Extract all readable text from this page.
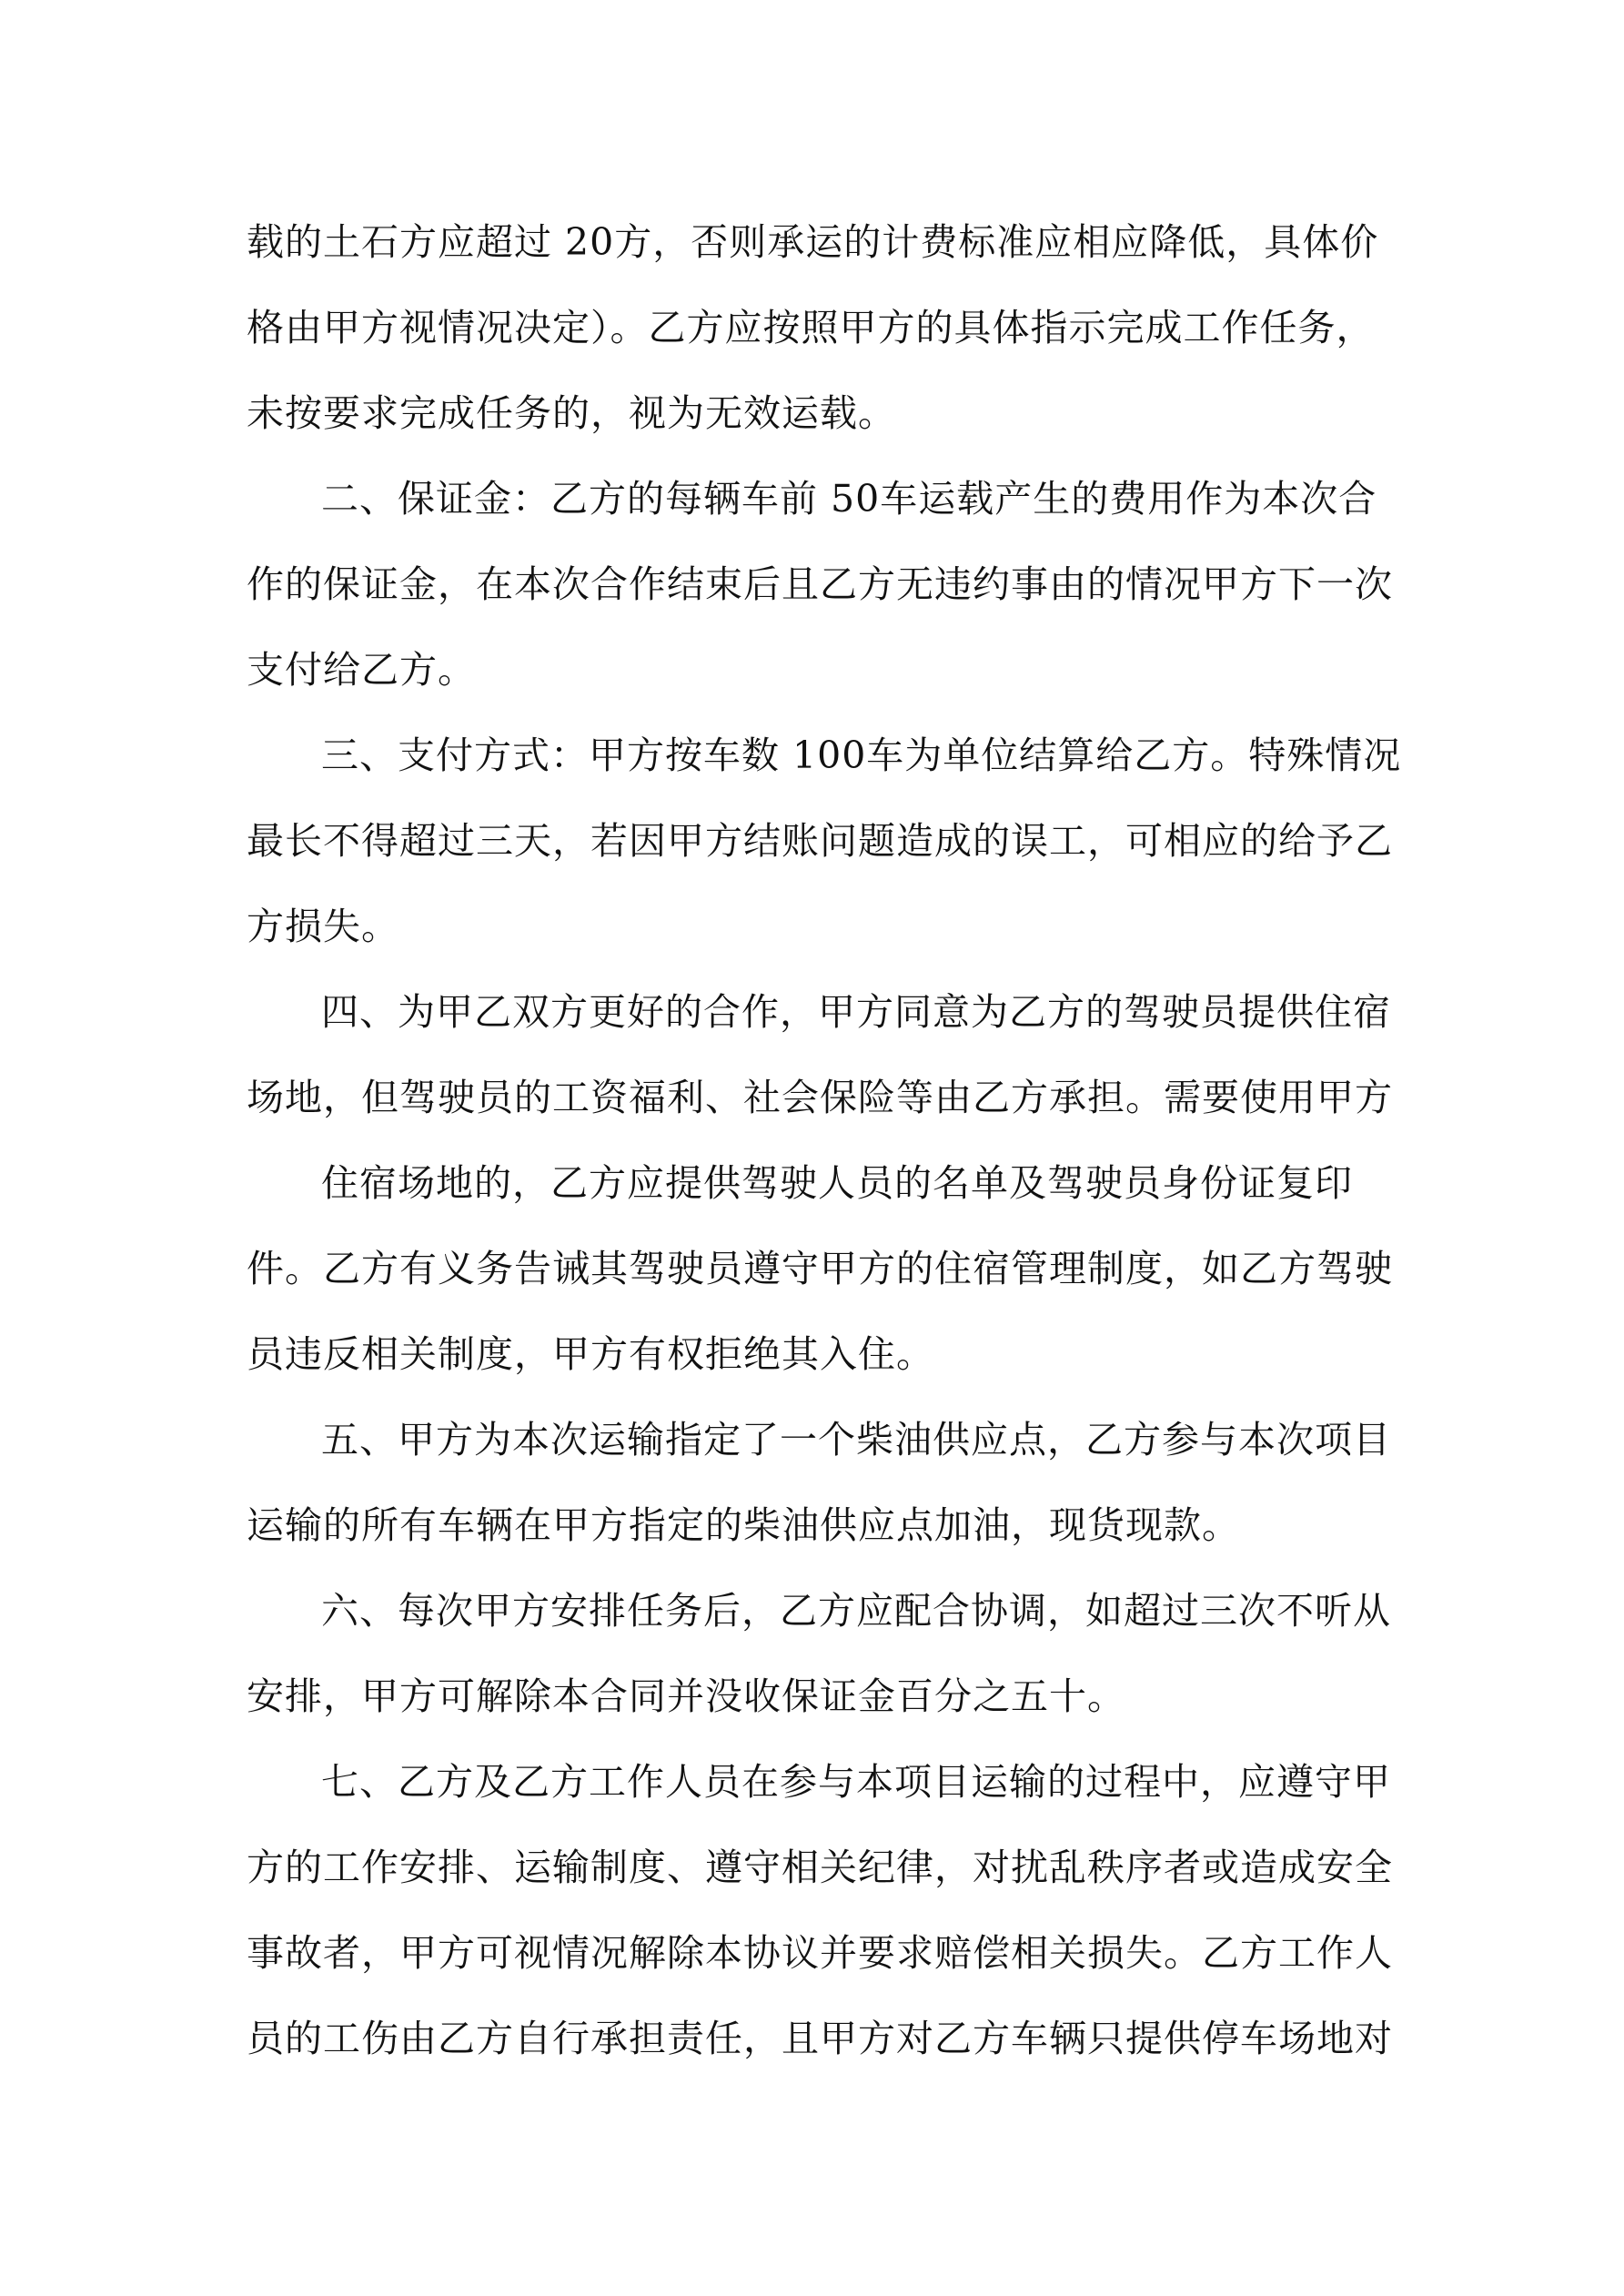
载的土石方应超过 20方，否则承运的计费标准应相应降低，具体价
格由甲方视情况决定）。乙方应按照甲方的具体指示完成工作任务，
未按要求完成任务的，视为无效运载。
二、保证金：乙方的每辆车前 50车运载产生的费用作为本次合
作的保证金，在本次合作结束后且乙方无违约事由的情况甲方下一次
支付给乙方。
三、支付方式：甲方按车数 100车为单位结算给乙方。特殊情况
最长不得超过三天，若因甲方结账问题造成的误工，可相应的给予乙
方损失。
四、为甲乙双方更好的合作，甲方同意为乙方的驾驶员提供住宿
场地，但驾驶员的工资福利、社会保险等由乙方承担。需要使用甲方
住宿场地的，乙方应提供驾驶人员的名单及驾驶员身份证复印
件。乙方有义务告诫其驾驶员遵守甲方的住宿管理制度，如乙方驾驶
员违反相关制度，甲方有权拒绝其入住。
五、甲方为本次运输指定了一个柴油供应点，乙方参与本次项目
运输的所有车辆在甲方指定的柴油供应点加油，现货现款。
六、每次甲方安排任务后，乙方应配合协调，如超过三次不听从
安排，甲方可解除本合同并没收保证金百分之五十。
七、乙方及乙方工作人员在参与本项目运输的过程中，应遵守甲
方的工作安排、运输制度、遵守相关纪律，对扰乱秩序者或造成安全
事故者，甲方可视情况解除本协议并要求赔偿相关损失。乙方工作人
员的工伤由乙方自行承担责任，且甲方对乙方车辆只提供停车场地对
